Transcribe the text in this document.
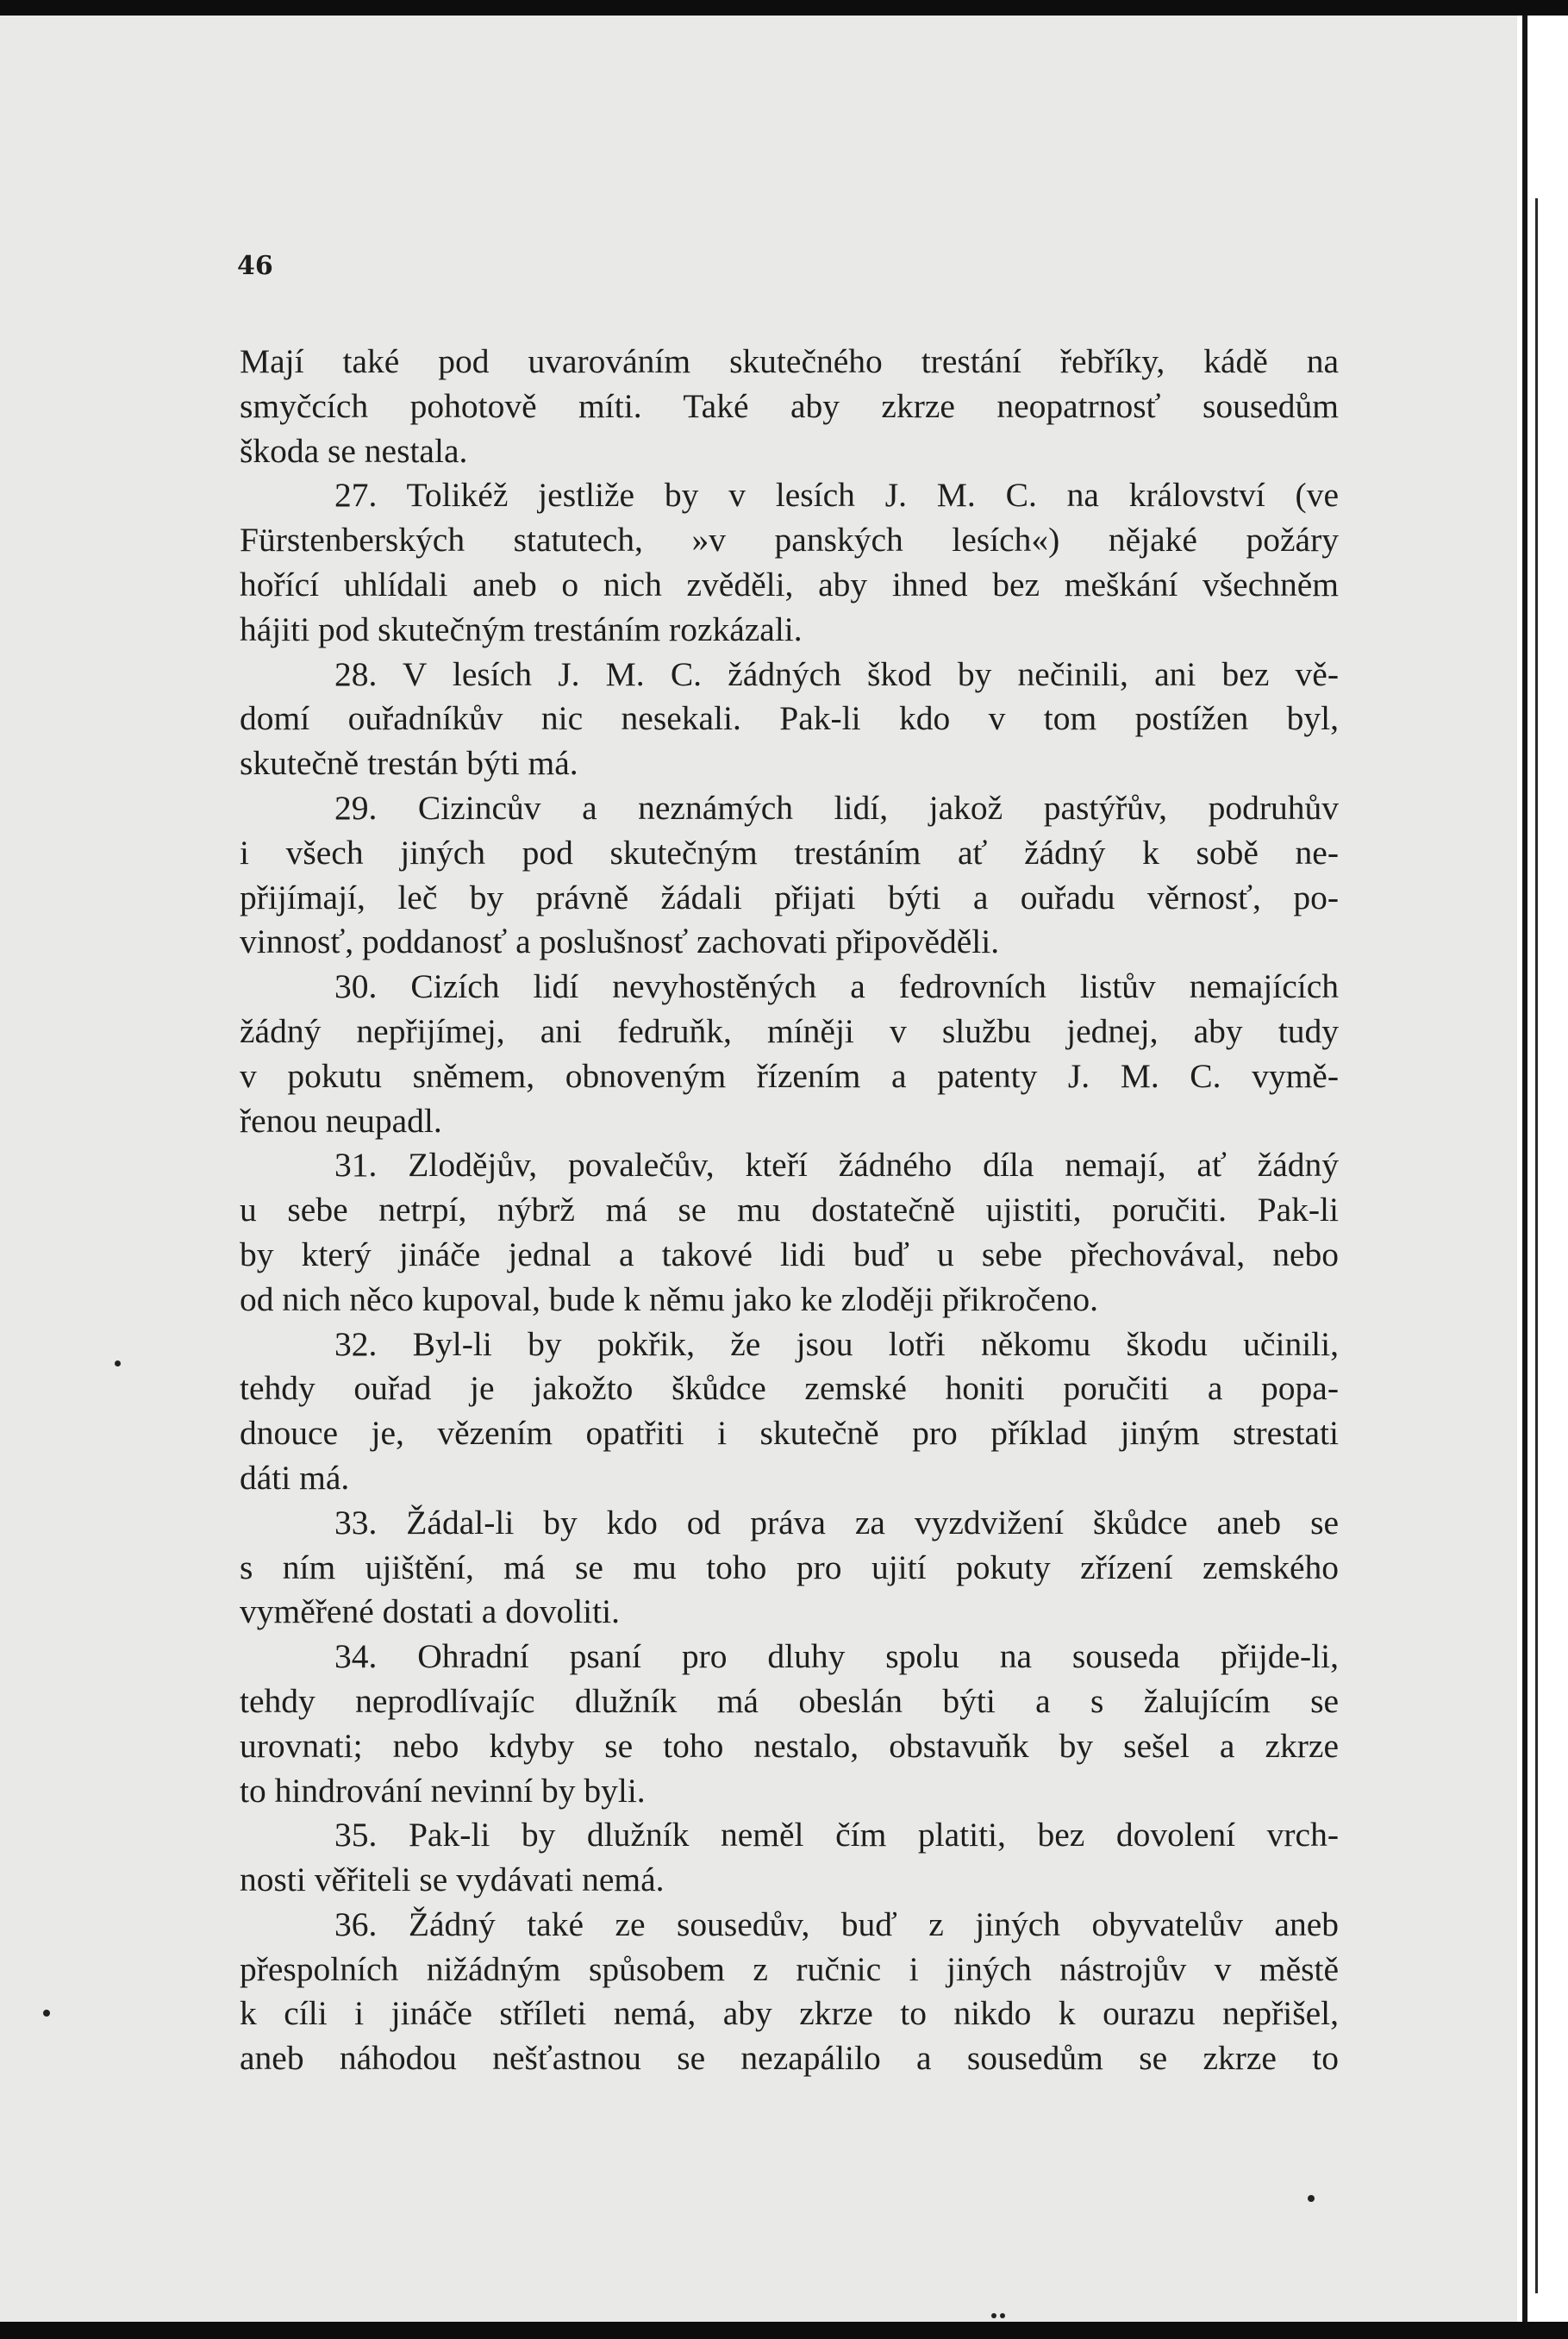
46
Mají také pod uvarováním skutečného trestání řebříky, kádě na
smyčcích pohotově míti. Také aby zkrze neopatrnosť sousedům
škoda se nestala.
27. Tolikéž jestliže by v lesích J. M. C. na království (ve
Fürstenberských statutech, »v panských lesích«) nějaké požáry
hořící uhlídali aneb o nich zvěděli, aby ihned bez meškání všechněm
hájiti pod skutečným trestáním rozkázali.
28. V lesích J. M. C. žádných škod by nečinili, ani bez vě-
domí ouřadníkův nic nesekali. Pak-li kdo v tom postížen byl,
skutečně trestán býti má.
29. Cizincův a neznámých lidí, jakož pastýřův, podruhův
i všech jiných pod skutečným trestáním ať žádný k sobě ne-
přijímají, leč by právně žádali přijati býti a ouřadu věrnosť, po-
vinnosť, poddanosť a poslušnosť zachovati připověděli.
30. Cizích lidí nevyhostěných a fedrovních listův nemajících
žádný nepřijímej, ani fedruňk, míněji v službu jednej, aby tudy
v pokutu sněmem, obnoveným řízením a patenty J. M. C. vymě-
řenou neupadl.
31. Zlodějův, povalečův, kteří žádného díla nemají, ať žádný
u sebe netrpí, nýbrž má se mu dostatečně ujistiti, poručiti. Pak-li
by který jináče jednal a takové lidi buď u sebe přechovával, nebo
od nich něco kupoval, bude k němu jako ke zloději přikročeno.
32. Byl-li by pokřik, že jsou lotři někomu škodu učinili,
tehdy ouřad je jakožto škůdce zemské honiti poručiti a popa-
dnouce je, vězením opatřiti i skutečně pro příklad jiným strestati
dáti má.
33. Žádal-li by kdo od práva za vyzdvižení škůdce aneb se
s ním ujištění, má se mu toho pro ujití pokuty zřízení zemského
vyměřené dostati a dovoliti.
34. Ohradní psaní pro dluhy spolu na souseda přijde-li,
tehdy neprodlívajíc dlužník má obeslán býti a s žalujícím se
urovnati; nebo kdyby se toho nestalo, obstavuňk by sešel a zkrze
to hindrování nevinní by byli.
35. Pak-li by dlužník neměl čím platiti, bez dovolení vrch-
nosti věřiteli se vydávati nemá.
36. Žádný také ze sousedův, buď z jiných obyvatelův aneb
přespolních nižádným spůsobem z ručnic i jiných nástrojův v městě
k cíli i jináče stříleti nemá, aby zkrze to nikdo k ourazu nepřišel,
aneb náhodou nešťastnou se nezapálilo a sousedům se zkrze to
